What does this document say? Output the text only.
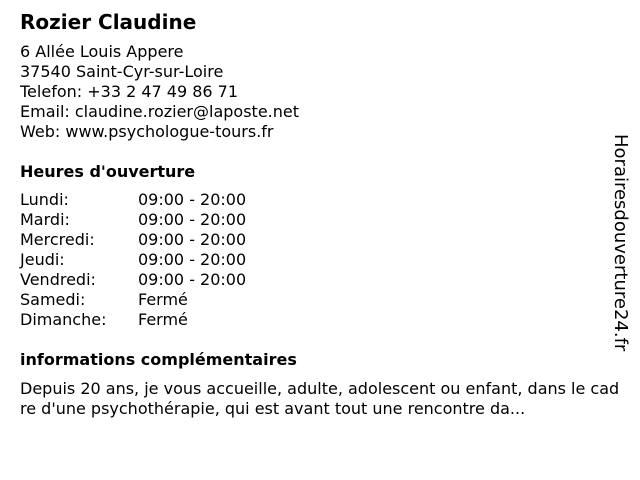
Rozier Claudine
6 Allée Louis Appere
37540 Saint-Cyr-sur-Loire
Telefon: +33 2 47 49 86 71
Email: claudine.rozier@laposte.net
Web: www.psychologue-tours.fr
Heures d'ouverture
Lundi:	09:00 - 20:00
Mardi:	09:00 - 20:00
Mercredi:	09:00 - 20:00
Jeudi:	09:00 - 20:00
Vendredi:	09:00 - 20:00
Samedi:	Fermé
Dimanche:	Fermé
informations complémentaires
Depuis 20 ans, je vous accueille, adulte, adolescent ou enfant, dans le cadre d'une psychothérapie, qui est avant tout une rencontre da...
Horairesdouverture24.fr
